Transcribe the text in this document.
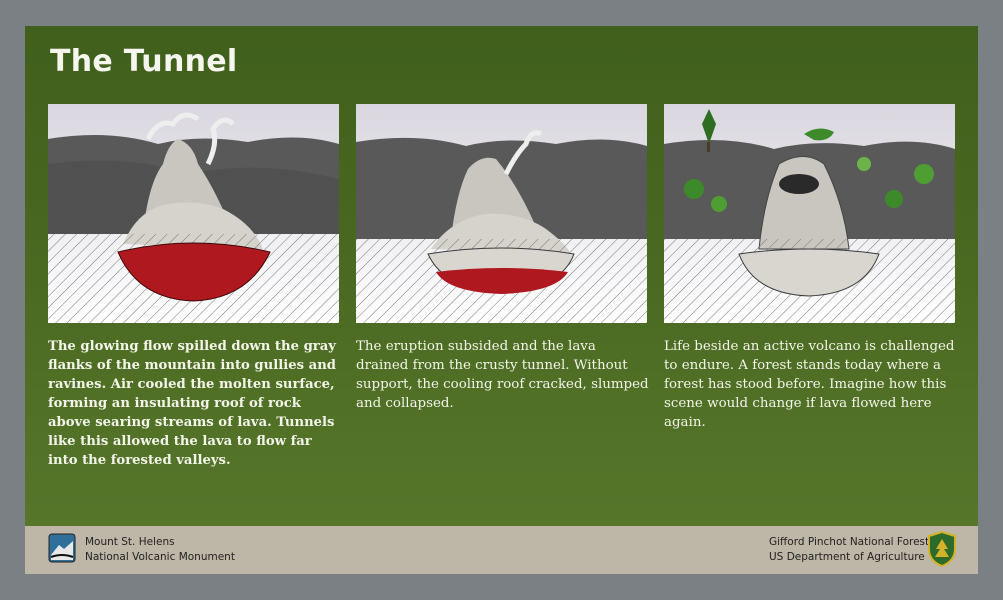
The Tunnel
The glowing flow spilled down the gray flanks of the mountain into gullies and ravines. Air cooled the molten surface, forming an insulating roof of rock above searing streams of lava. Tunnels like this allowed the lava to flow far into the forested valleys.
The eruption subsided and the lava drained from the crusty tunnel. Without support, the cooling roof cracked, slumped and collapsed.
Life beside an active volcano is challenged to endure. A forest stands today where a forest has stood before. Imagine how this scene would change if lava flowed here again.
Mount St. Helens
National Volcanic Monument
Gifford Pinchot National Forest
US Department of Agriculture
